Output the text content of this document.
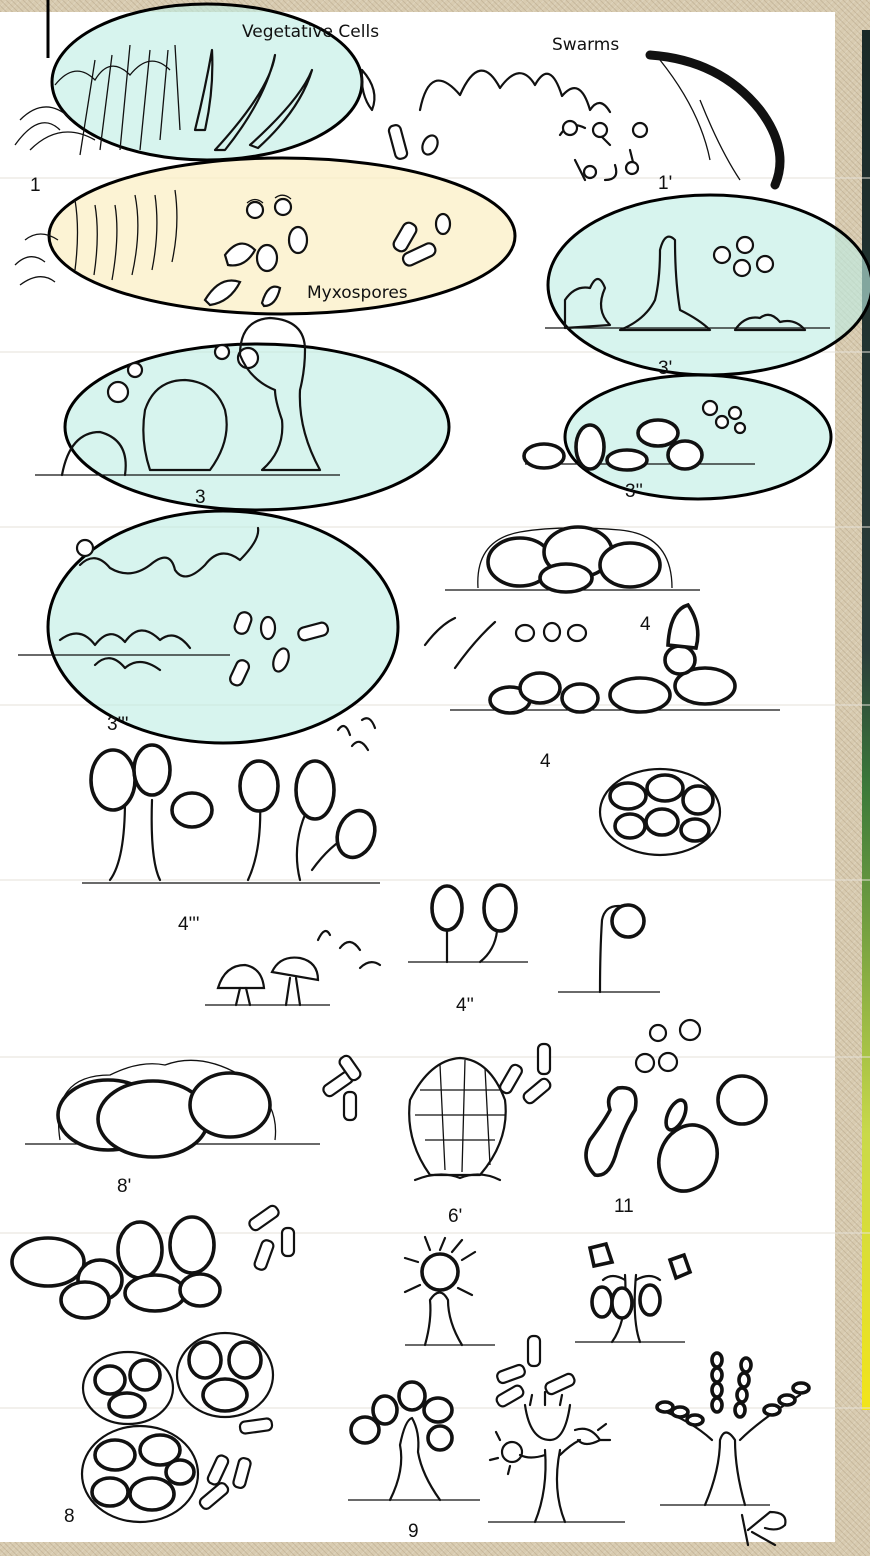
Vegetative Cells
Swarms
Myxospores
1	1'
3'
3	3''
3'''
4
4
4'''
4''
8'
6'	11
8
9
